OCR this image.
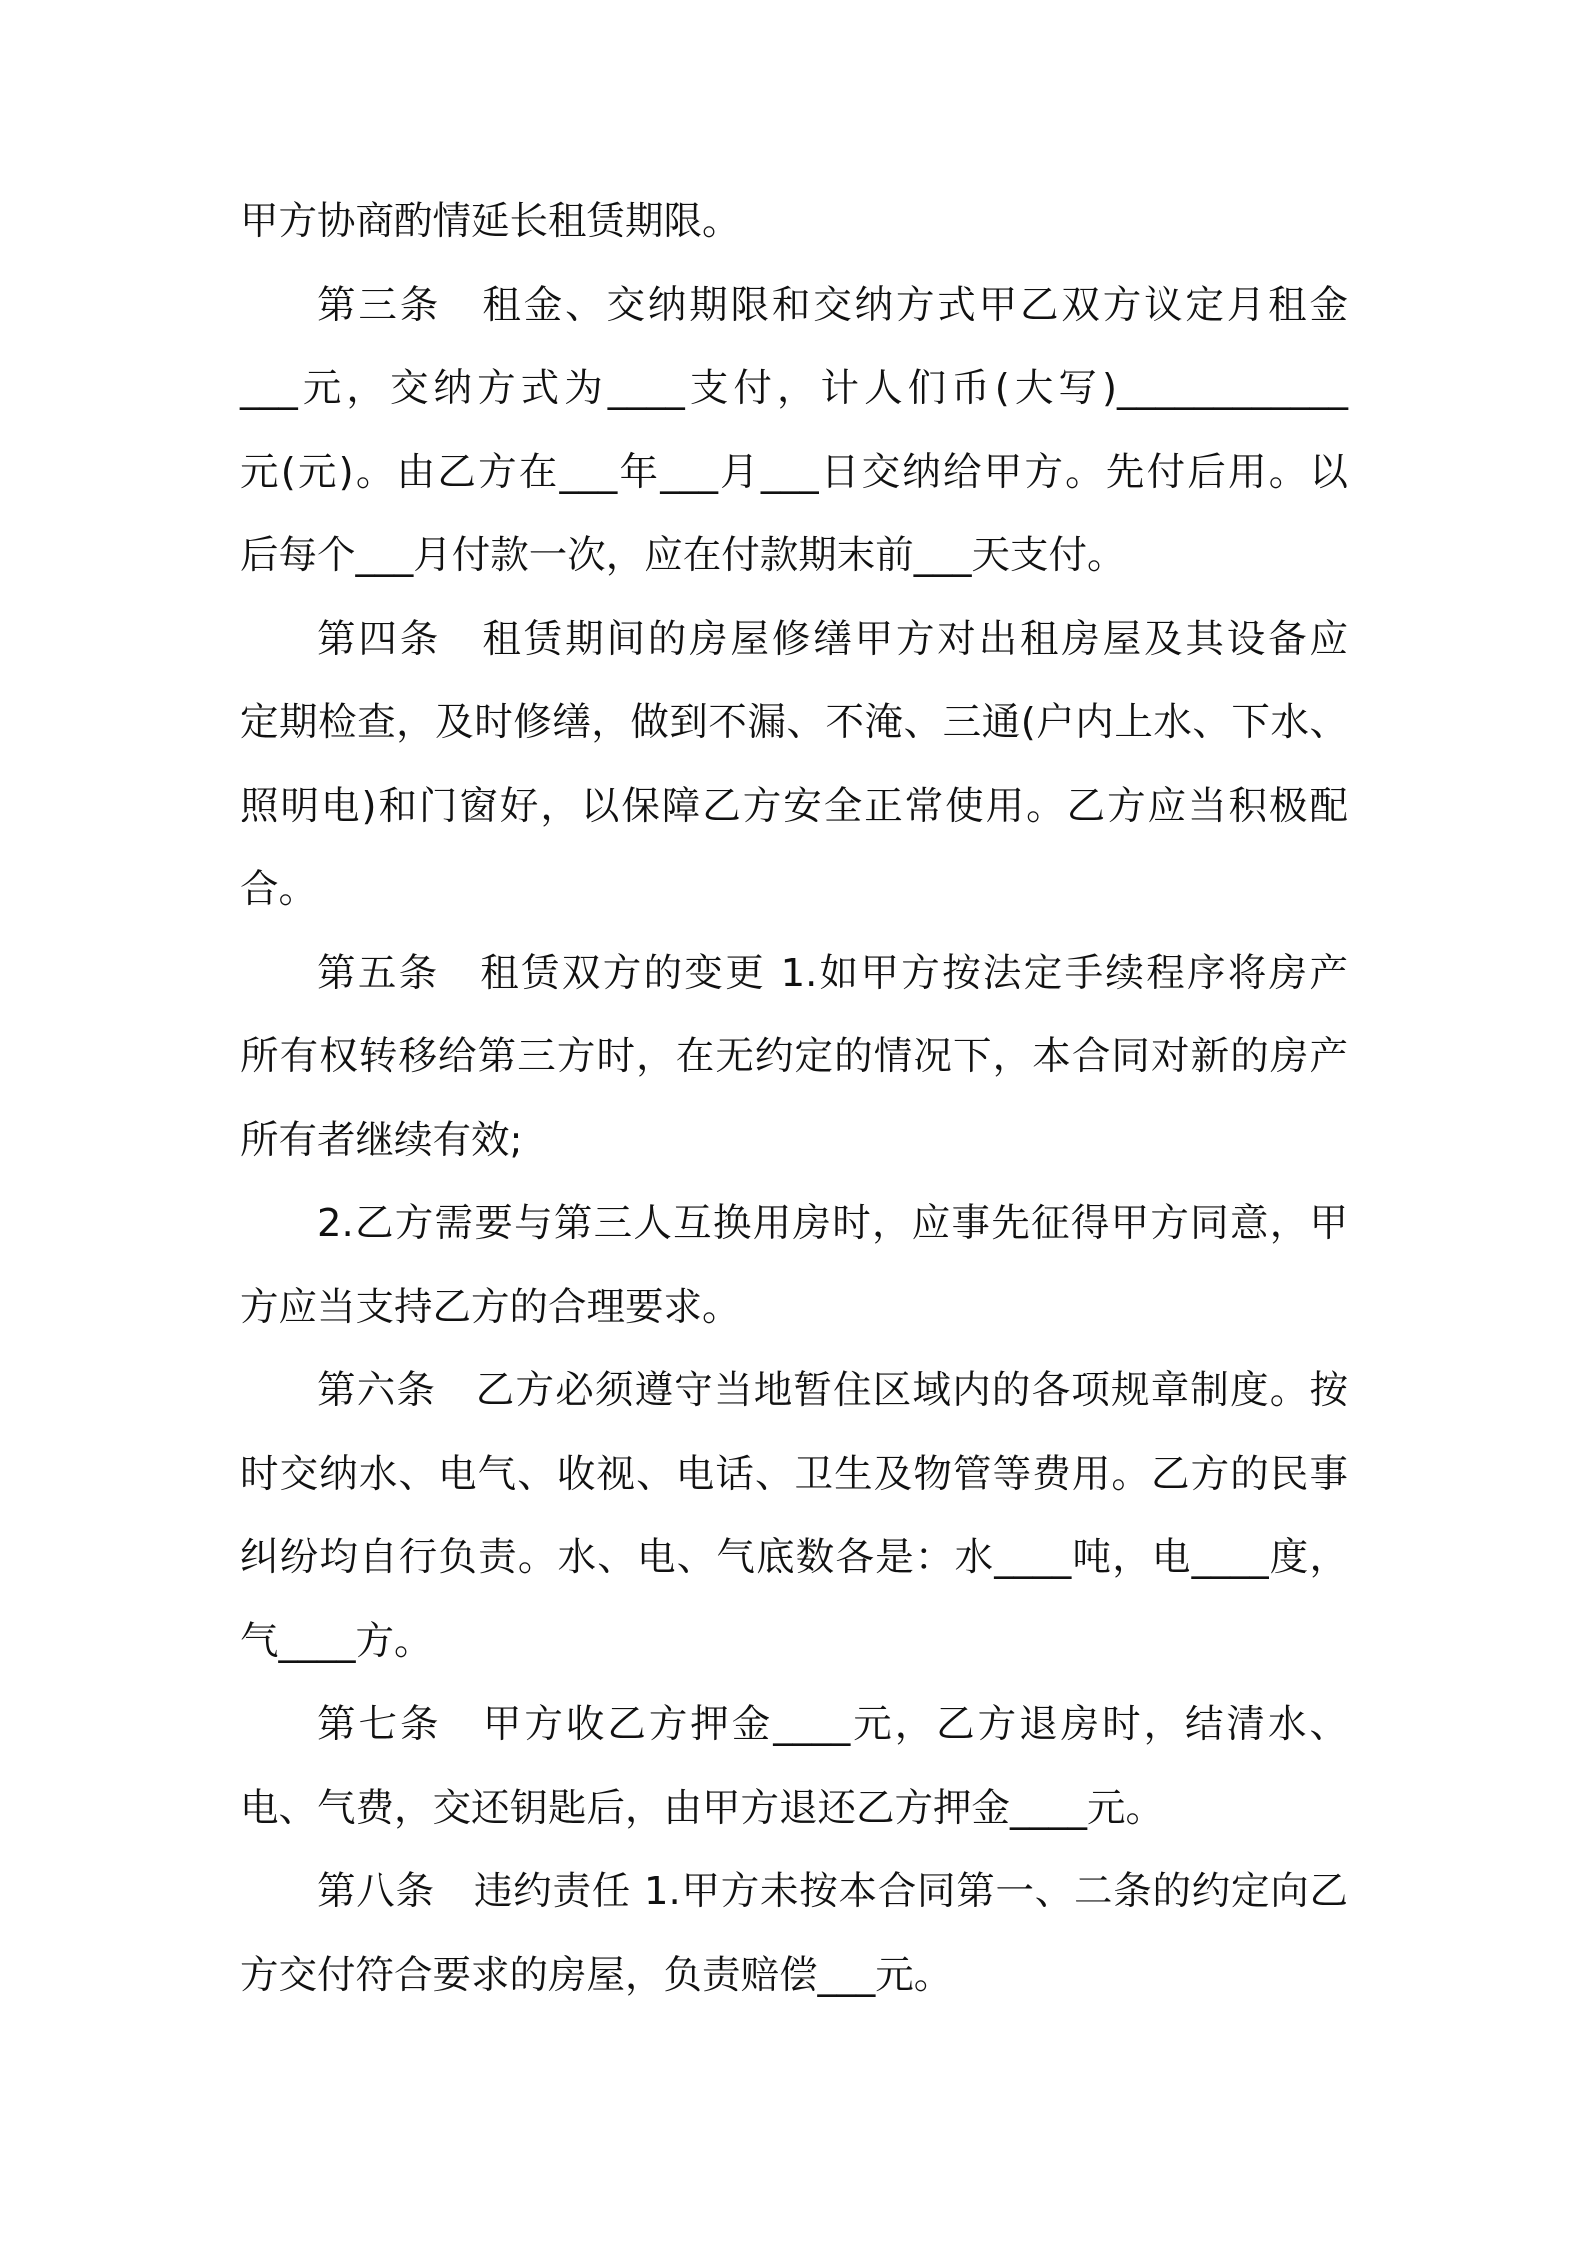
甲方协商酌情延长租赁期限。
第三条　租金、交纳期限和交纳方式甲乙双方议定月租金
___元，交纳方式为____支付，计人们币(大写)____________
元(元)。由乙方在___年___月___日交纳给甲方。先付后用。以
后每个___月付款一次，应在付款期末前___天支付。
第四条　租赁期间的房屋修缮甲方对出租房屋及其设备应
定期检查，及时修缮，做到不漏、不淹、三通(户内上水、下水、
照明电)和门窗好，以保障乙方安全正常使用。乙方应当积极配
合。
第五条　租赁双方的变更 1.如甲方按法定手续程序将房产
所有权转移给第三方时，在无约定的情况下，本合同对新的房产
所有者继续有效;
2.乙方需要与第三人互换用房时，应事先征得甲方同意，甲
方应当支持乙方的合理要求。
第六条　乙方必须遵守当地暂住区域内的各项规章制度。按
时交纳水、电气、收视、电话、卫生及物管等费用。乙方的民事
纠纷均自行负责。水、电、气底数各是：水____吨，电____度，
气____方。
第七条　甲方收乙方押金____元，乙方退房时，结清水、
电、气费，交还钥匙后，由甲方退还乙方押金____元。
第八条　违约责任 1.甲方未按本合同第一、二条的约定向乙
方交付符合要求的房屋，负责赔偿___元。
